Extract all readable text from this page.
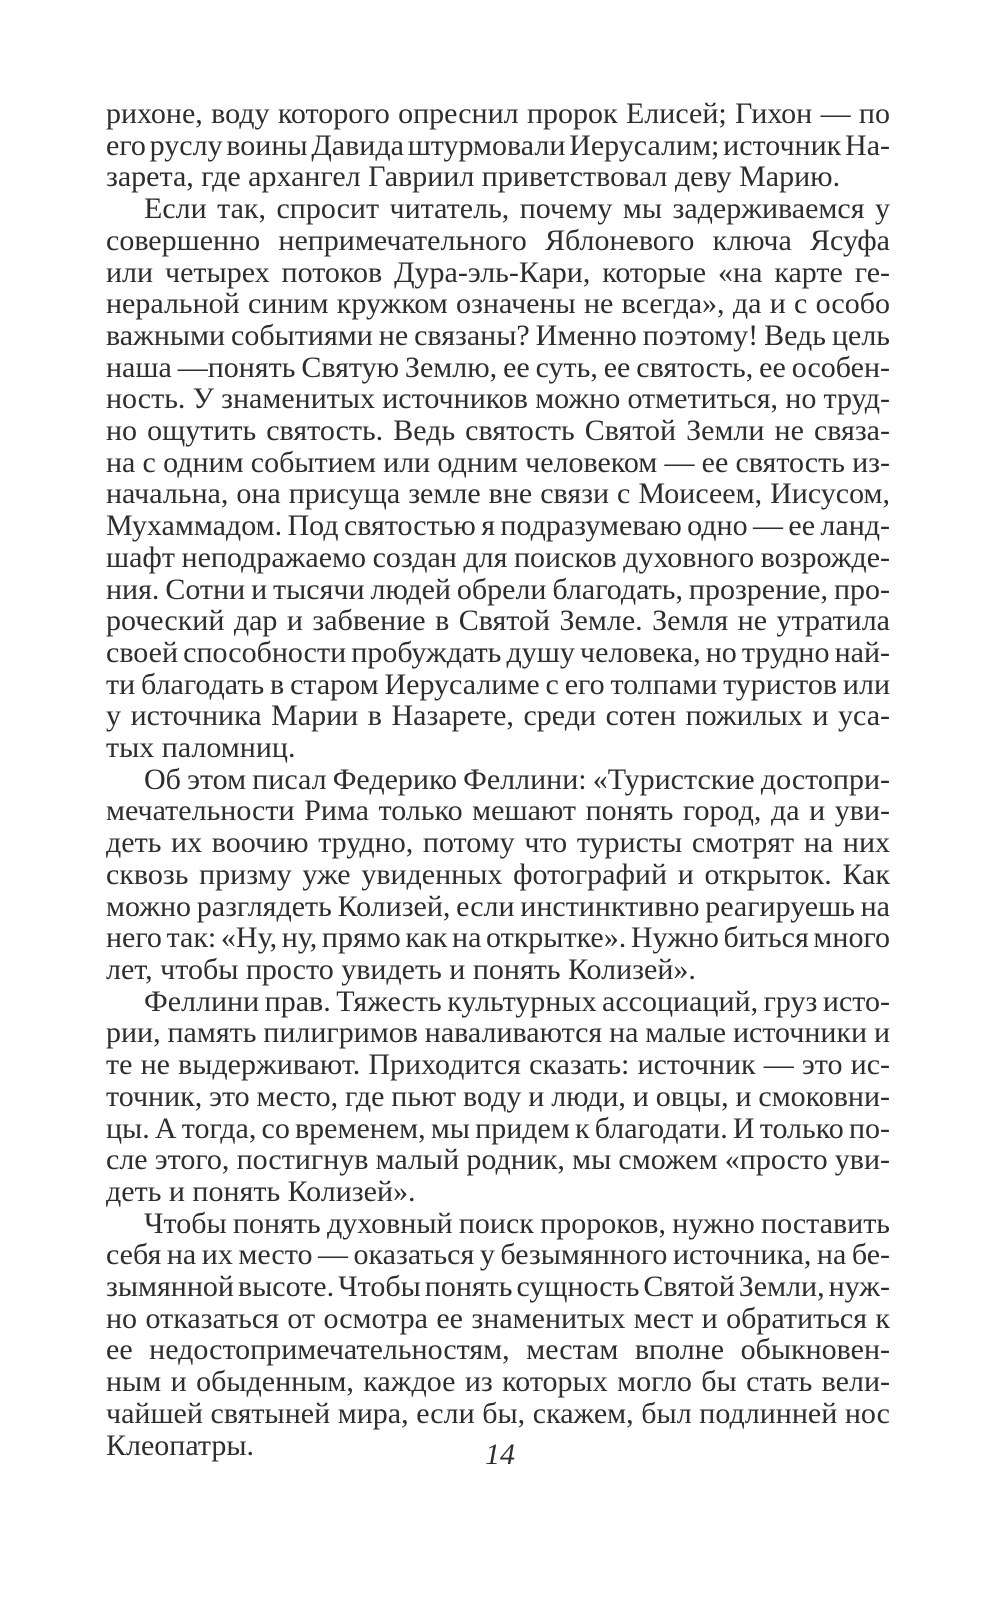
рихоне, воду которого опреснил пророк Елисей; Гихон — по
его руслу воины Давида штурмовали Иерусалим; источник На-
зарета, где архангел Гавриил приветствовал деву Марию.

Если так, спросит читатель, почему мы задерживаемся у
совершенно непримечательного Яблоневого ключа Ясуфа
или четырех потоков Дура-эль-Кари, которые «на карте ге-
неральной синим кружком означены не всегда», да и с особо
важными событиями не связаны? Именно поэтому! Ведь цель
наша —понять Святую Землю, ее суть, ее святость, ее особен-
ность. У знаменитых источников можно отметиться, но труд-
но ощутить святость. Ведь святость Святой Земли не связа-
на с одним событием или одним человеком — ее святость из-
начальна, она присуща земле вне связи с Моисеем, Иисусом,
Мухаммадом. Под святостью я подразумеваю одно — ее ланд-
шафт неподражаемо создан для поисков духовного возрожде-
ния. Сотни и тысячи людей обрели благодать, прозрение, про-
роческий дар и забвение в Святой Земле. Земля не утратила
своей способности пробуждать душу человека, но трудно най-
ти благодать в старом Иерусалиме с его толпами туристов или
у источника Марии в Назарете, среди сотен пожилых и уса-
тых паломниц.

Об этом писал Федерико Феллини: «Туристские достопри-
мечательности Рима только мешают понять город, да и уви-
деть их воочию трудно, потому что туристы смотрят на них
сквозь призму уже увиденных фотографий и открыток. Как
можно разглядеть Колизей, если инстинктивно реагируешь на
него так: «Ну, ну, прямо как на открытке». Нужно биться много
лет, чтобы просто увидеть и понять Колизей».

Феллини прав. Тяжесть культурных ассоциаций, груз исто-
рии, память пилигримов наваливаются на малые источники и
те не выдерживают. Приходится сказать: источник — это ис-
точник, это место, где пьют воду и люди, и овцы, и смоковни-
цы. А тогда, со временем, мы придем к благодати. И только по-
сле этого, постигнув малый родник, мы сможем «просто уви-
деть и понять Колизей».

Чтобы понять духовный поиск пророков, нужно поставить
себя на их место — оказаться у безымянного источника, на бе-
зымянной высоте. Чтобы понять сущность Святой Земли, нуж-
но отказаться от осмотра ее знаменитых мест и обратиться к
ее недостопримечательностям, местам вполне обыкновен-
ным и обыденным, каждое из которых могло бы стать вели-
чайшей святыней мира, если бы, скажем, был подлинней нос
Клеопатры.	14
